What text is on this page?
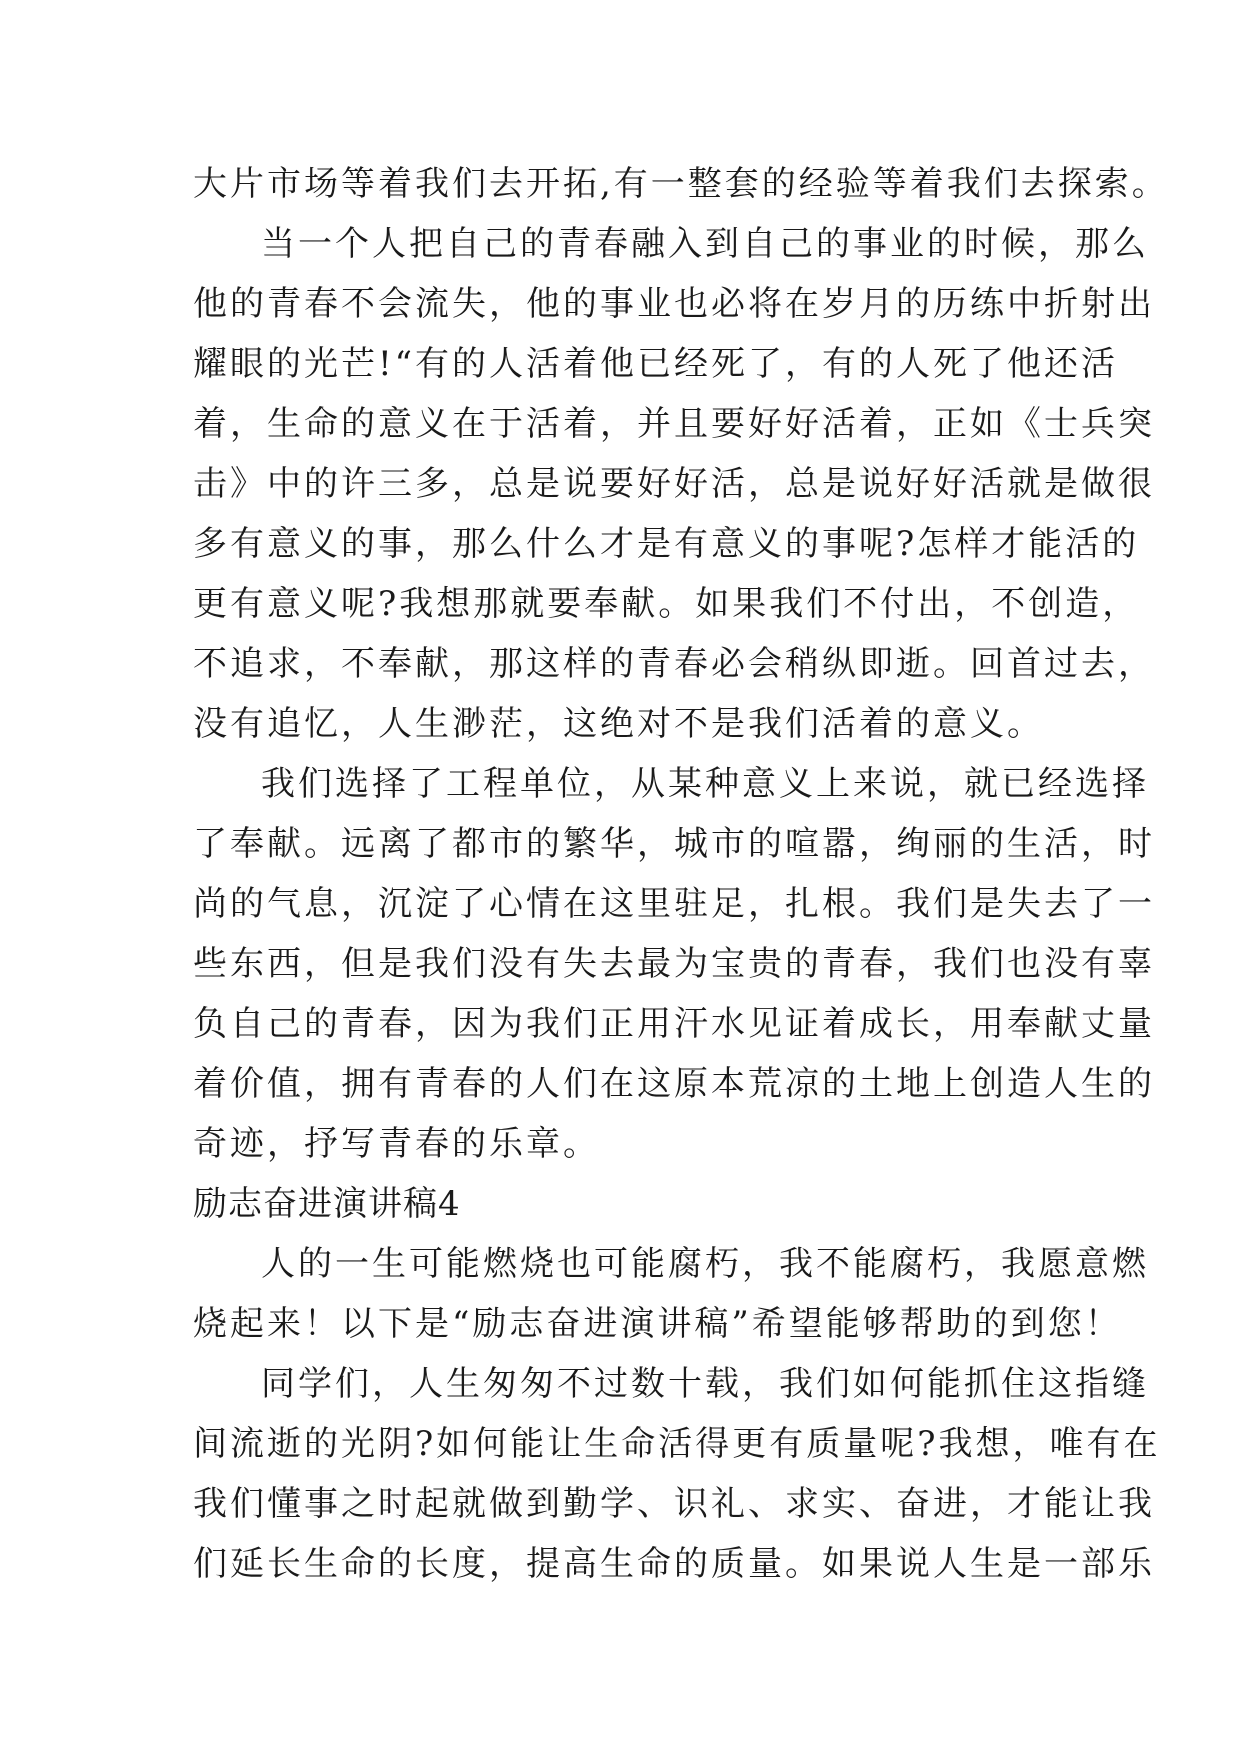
大片市场等着我们去开拓,有一整套的经验等着我们去探索。
当一个人把自己的青春融入到自己的事业的时候，那么
他的青春不会流失，他的事业也必将在岁月的历练中折射出
耀眼的光芒!“有的人活着他已经死了，有的人死了他还活
着，生命的意义在于活着，并且要好好活着，正如《士兵突
击》中的许三多，总是说要好好活，总是说好好活就是做很
多有意义的事，那么什么才是有意义的事呢?怎样才能活的
更有意义呢?我想那就要奉献。如果我们不付出，不创造，
不追求，不奉献，那这样的青春必会稍纵即逝。回首过去，
没有追忆，人生渺茫，这绝对不是我们活着的意义。
我们选择了工程单位，从某种意义上来说，就已经选择
了奉献。远离了都市的繁华，城市的喧嚣，绚丽的生活，时
尚的气息，沉淀了心情在这里驻足，扎根。我们是失去了一
些东西，但是我们没有失去最为宝贵的青春，我们也没有辜
负自己的青春，因为我们正用汗水见证着成长，用奉献丈量
着价值，拥有青春的人们在这原本荒凉的土地上创造人生的
奇迹，抒写青春的乐章。
励志奋进演讲稿4
人的一生可能燃烧也可能腐朽，我不能腐朽，我愿意燃
烧起来！以下是“励志奋进演讲稿”希望能够帮助的到您！
同学们，人生匆匆不过数十载，我们如何能抓住这指缝
间流逝的光阴?如何能让生命活得更有质量呢?我想，唯有在
我们懂事之时起就做到勤学、识礼、求实、奋进，才能让我
们延长生命的长度，提高生命的质量。如果说人生是一部乐
